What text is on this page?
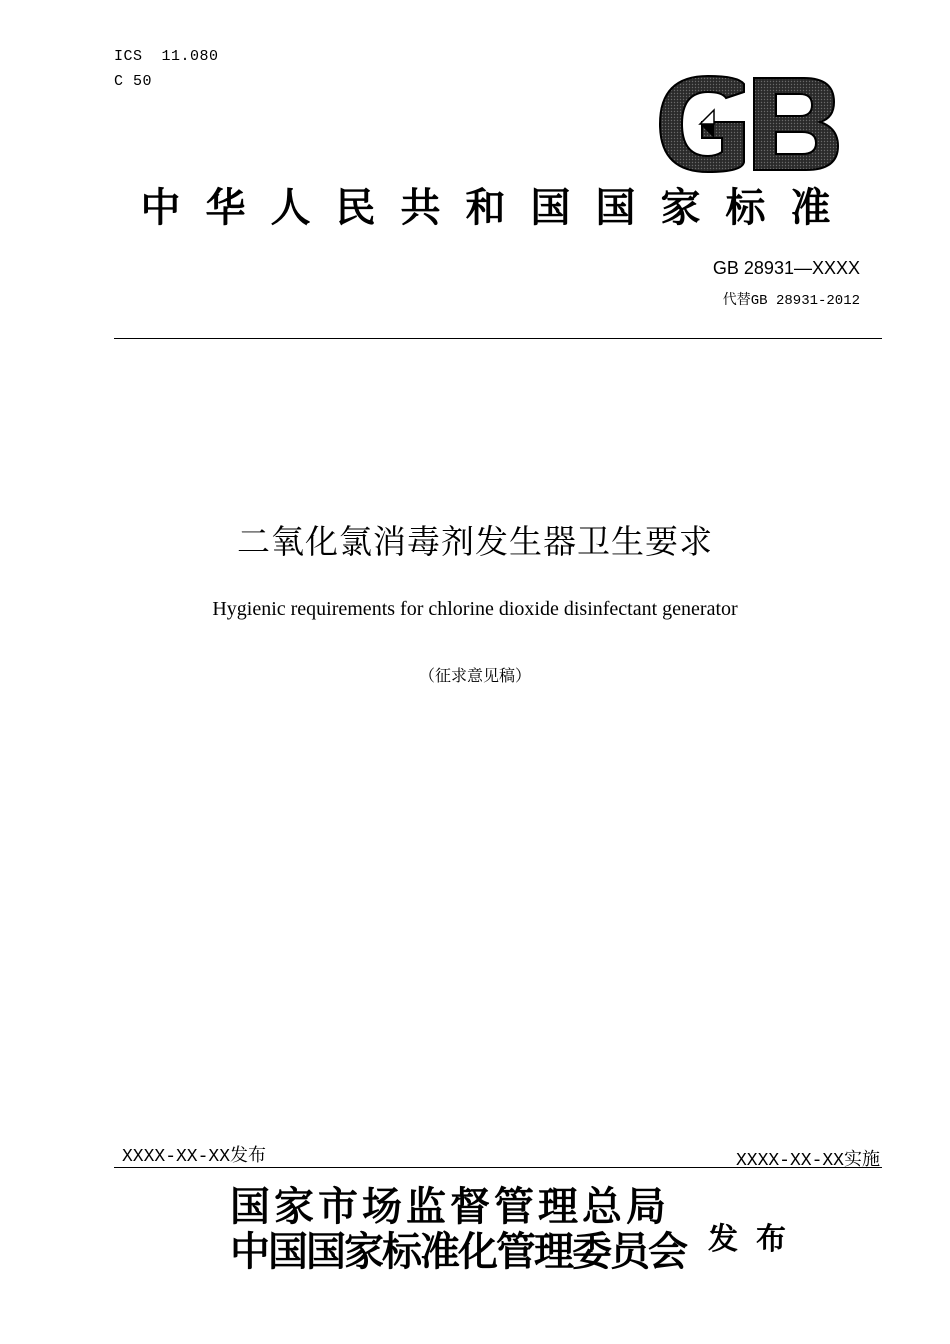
ICS  11.080
C 50
中华人民共和国国家标准
GB 28931—XXXX
代替GB 28931-2012
二氧化氯消毒剂发生器卫生要求
Hygienic requirements for chlorine dioxide disinfectant generator
（征求意见稿）
XXXX-XX-XX发布	XXXX-XX-XX实施
国家市场监督管理总局
中国国家标准化管理委员会 发布
